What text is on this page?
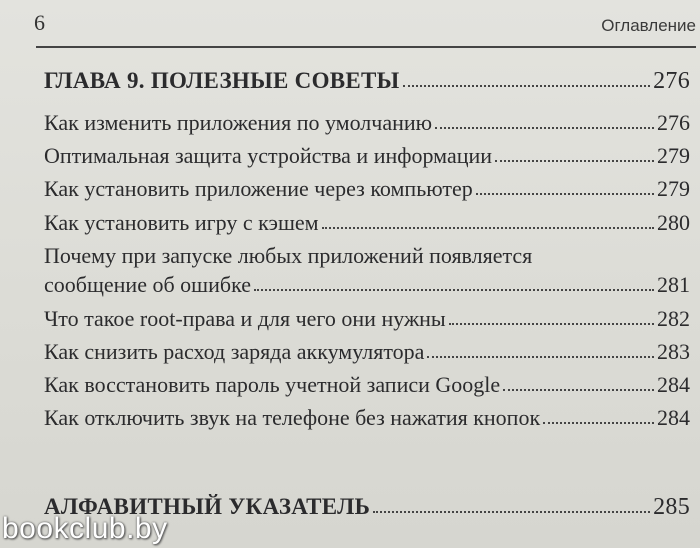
6	Оглавление
ГЛАВА 9. ПОЛЕЗНЫЕ СОВЕТЫ	276
Как изменить приложения по умолчанию	276
Оптимальная защита устройства и информации	279
Как установить приложение через компьютер	279
Как установить игру с кэшем	280
Почему при запуске любых приложений появляется
сообщение об ошибке	281
Что такое root-права и для чего они нужны	282
Как снизить расход заряда аккумулятора	283
Как восстановить пароль учетной записи Google	284
Как отключить звук на телефоне без нажатия кнопок	284
АЛФАВИТНЫЙ УКАЗАТЕЛЬ	285
bookclub.by
